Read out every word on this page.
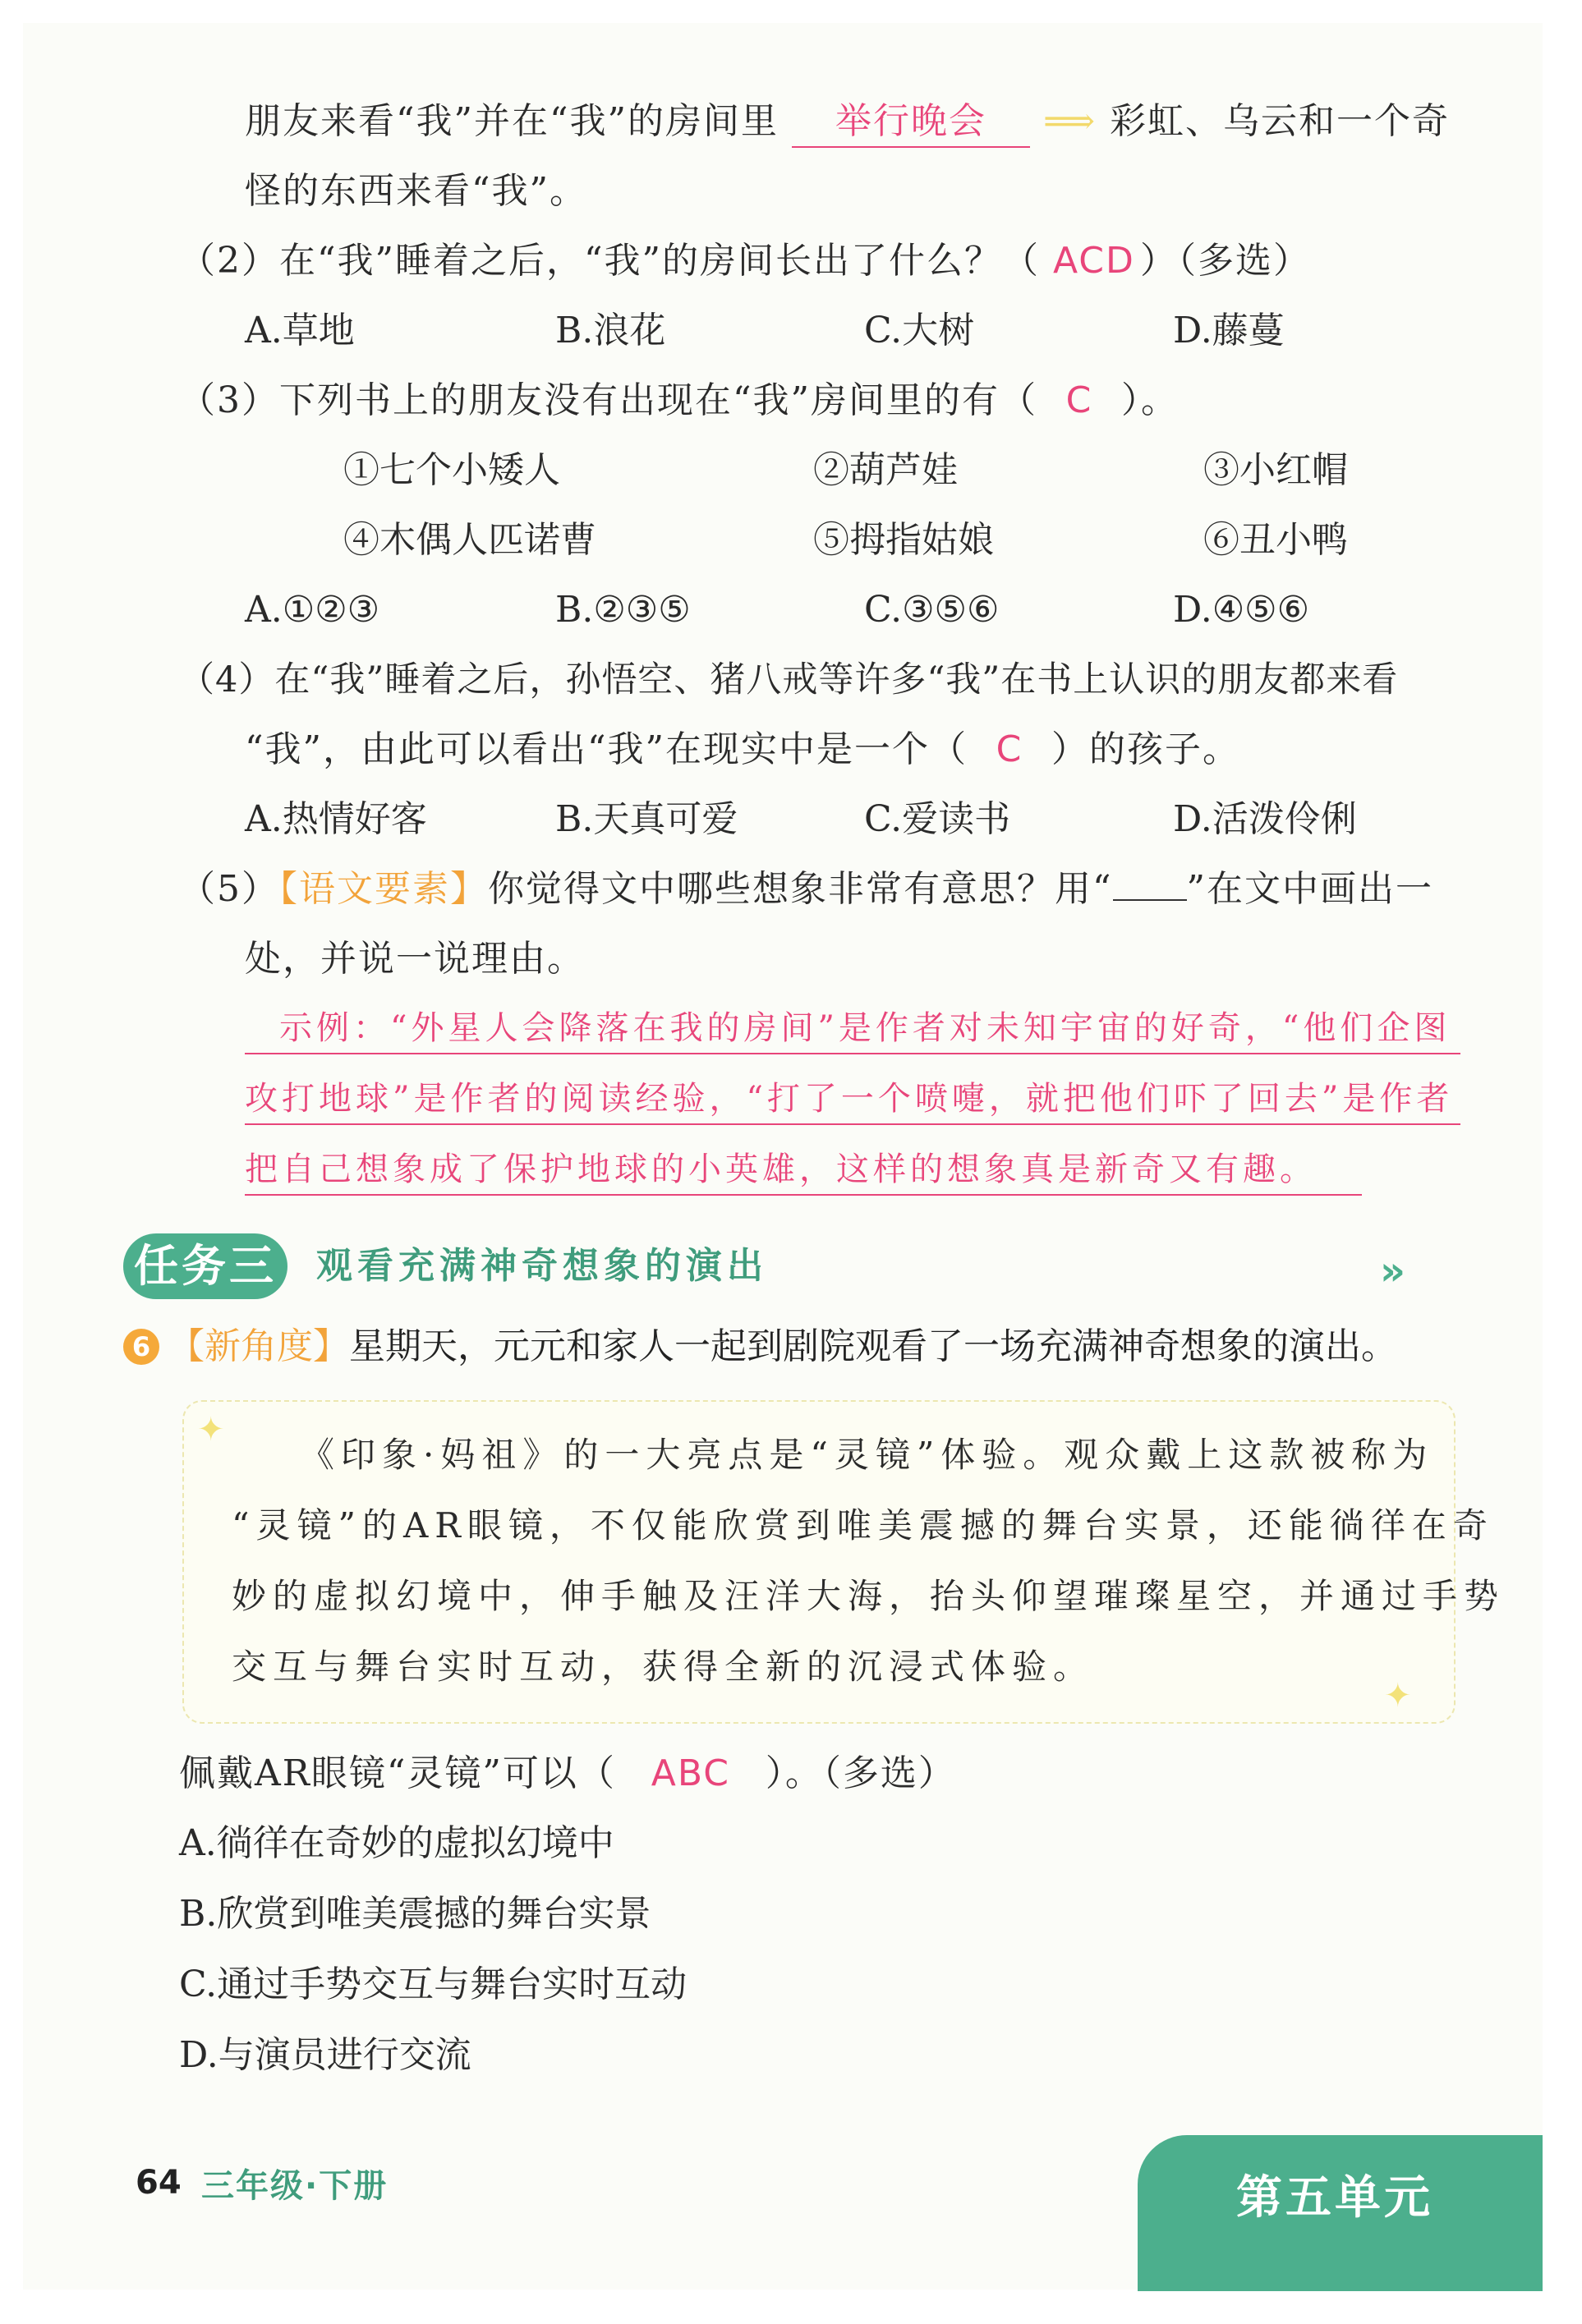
朋友来看“我”并在“我”的房间里 举行晚会 ⟹ 彩虹、乌云和一个奇
怪的东西来看“我”。
（2）在“我”睡着之后，“我”的房间长出了什么？（ ACD ）（多选）
A.草地	B.浪花	C.大树	D.藤蔓
（3）下列书上的朋友没有出现在“我”房间里的有（ C ）。
①七个小矮人	②葫芦娃	③小红帽
④木偶人匹诺曹	⑤拇指姑娘	⑥丑小鸭
A.①②③	B.②③⑤	C.③⑤⑥	D.④⑤⑥
（4）在“我”睡着之后，孙悟空、猪八戒等许多“我”在书上认识的朋友都来看
“我”，由此可以看出“我”在现实中是一个（ C ）的孩子。
A.热情好客	B.天真可爱	C.爱读书	D.活泼伶俐
（5）【语文要素】你觉得文中哪些想象非常有意思？用“ ”在文中画出一
处，并说一说理由。
示例：“外星人会降落在我的房间”是作者对未知宇宙的好奇，“他们企图
攻打地球”是作者的阅读经验，“打了一个喷嚏，就把他们吓了回去”是作者
把自己想象成了保护地球的小英雄，这样的想象真是新奇又有趣。
任务三 观看充满神奇想象的演出	»
6 【新角度】星期天，元元和家人一起到剧院观看了一场充满神奇想象的演出。
✦
✦
《印象·妈祖》的一大亮点是“灵镜”体验。观众戴上这款被称为
“灵镜”的AR眼镜，不仅能欣赏到唯美震撼的舞台实景，还能徜徉在奇
妙的虚拟幻境中，伸手触及汪洋大海，抬头仰望璀璨星空，并通过手势
交互与舞台实时互动，获得全新的沉浸式体验。
佩戴AR眼镜“灵镜”可以（ ABC ）。（多选）
A.徜徉在奇妙的虚拟幻境中
B.欣赏到唯美震撼的舞台实景
C.通过手势交互与舞台实时互动
D.与演员进行交流
64 三年级·下册	第五单元
